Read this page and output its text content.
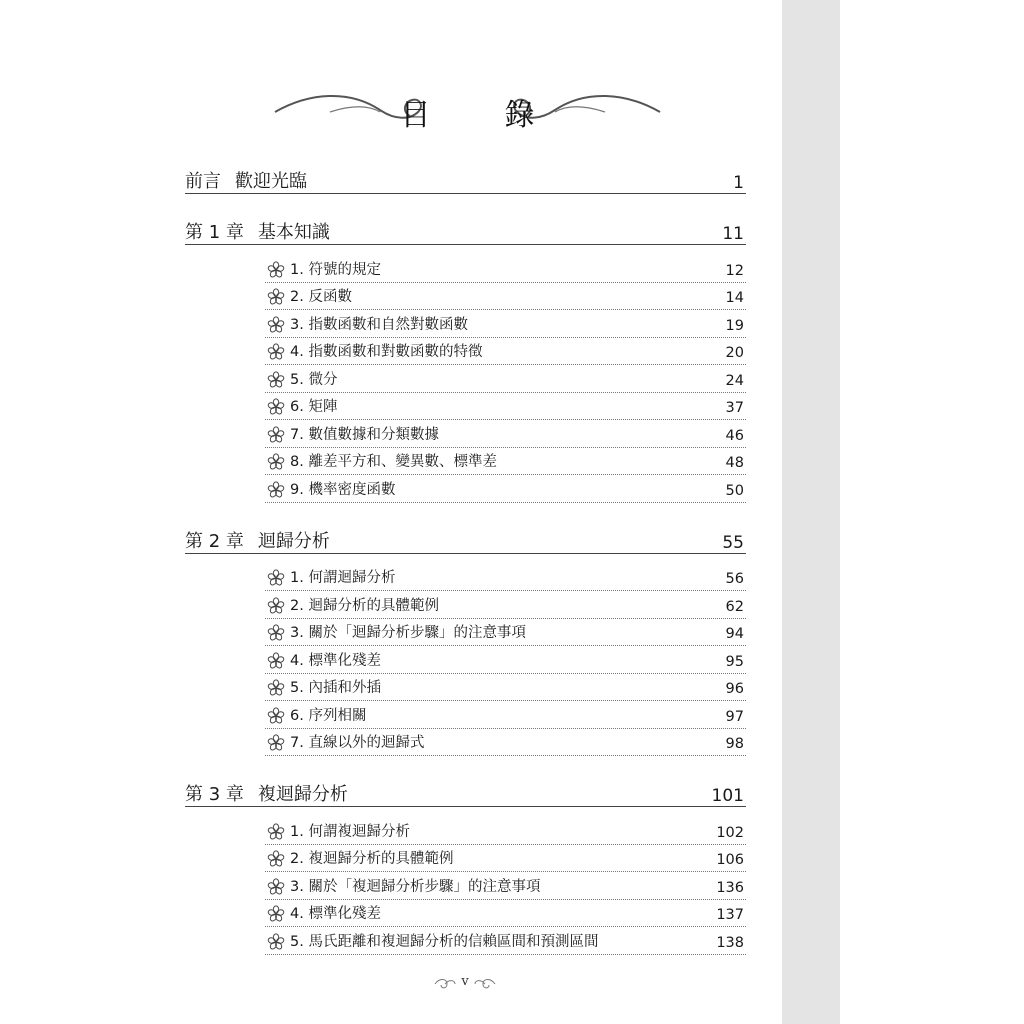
目　錄
前言 歡迎光臨	1
第 1 章 基本知識	11
1. 符號的規定	12
2. 反函數	14
3. 指數函數和自然對數函數	19
4. 指數函數和對數函數的特徵	20
5. 微分	24
6. 矩陣	37
7. 數值數據和分類數據	46
8. 離差平方和、變異數、標準差	48
9. 機率密度函數	50
第 2 章 迴歸分析	55
1. 何謂迴歸分析	56
2. 迴歸分析的具體範例	62
3. 關於「迴歸分析步驟」的注意事項	94
4. 標準化殘差	95
5. 內插和外插	96
6. 序列相關	97
7. 直線以外的迴歸式	98
第 3 章 複迴歸分析	101
1. 何謂複迴歸分析	102
2. 複迴歸分析的具體範例	106
3. 關於「複迴歸分析步驟」的注意事項	136
4. 標準化殘差	137
5. 馬氏距離和複迴歸分析的信賴區間和預測區間	138
v
